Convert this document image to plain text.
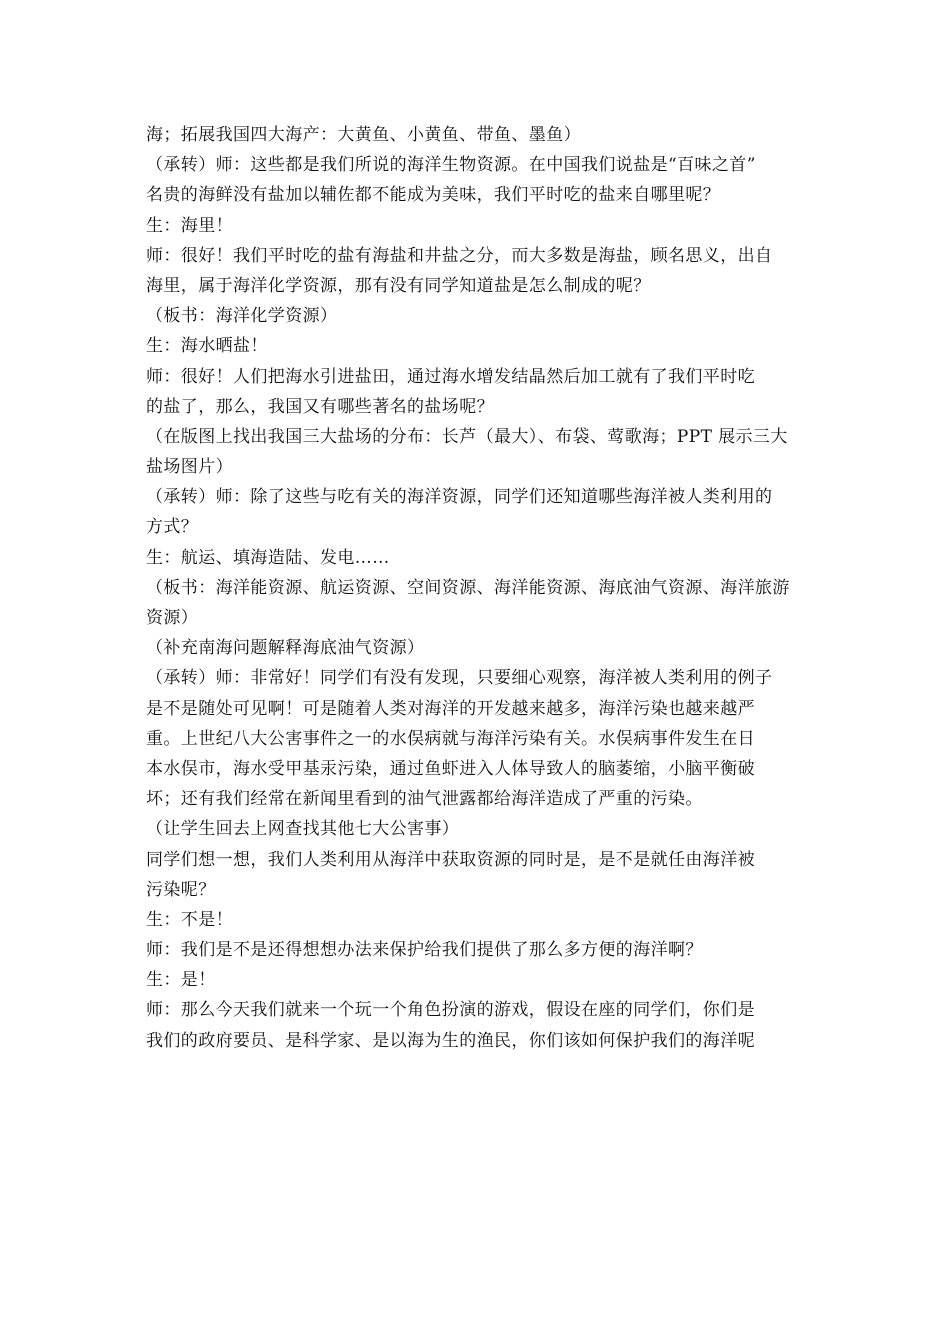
海；拓展我国四大海产：大黄鱼、小黄鱼、带鱼、墨鱼）
（承转）师：这些都是我们所说的海洋生物资源。在中国我们说盐是“百味之首”
名贵的海鲜没有盐加以辅佐都不能成为美味，我们平时吃的盐来自哪里呢？
生：海里！
师：很好！我们平时吃的盐有海盐和井盐之分，而大多数是海盐，顾名思义，出自
海里，属于海洋化学资源，那有没有同学知道盐是怎么制成的呢？
（板书：海洋化学资源）
生：海水晒盐！
师：很好！人们把海水引进盐田，通过海水增发结晶然后加工就有了我们平时吃
的盐了，那么，我国又有哪些著名的盐场呢？
（在版图上找出我国三大盐场的分布：长芦（最大）、布袋、莺歌海；PPT 展示三大
盐场图片）
（承转）师：除了这些与吃有关的海洋资源，同学们还知道哪些海洋被人类利用的
方式？
生：航运、填海造陆、发电……
（板书：海洋能资源、航运资源、空间资源、海洋能资源、海底油气资源、海洋旅游
资源）
（补充南海问题解释海底油气资源）
（承转）师：非常好！同学们有没有发现，只要细心观察，海洋被人类利用的例子
是不是随处可见啊！可是随着人类对海洋的开发越来越多，海洋污染也越来越严
重。上世纪八大公害事件之一的水俣病就与海洋污染有关。水俣病事件发生在日
本水俣市，海水受甲基汞污染，通过鱼虾进入人体导致人的脑萎缩，小脑平衡破
坏；还有我们经常在新闻里看到的油气泄露都给海洋造成了严重的污染。
（让学生回去上网查找其他七大公害事）
同学们想一想，我们人类利用从海洋中获取资源的同时是，是不是就任由海洋被
污染呢？
生：不是！
师：我们是不是还得想想办法来保护给我们提供了那么多方便的海洋啊？
生：是！
师：那么今天我们就来一个玩一个角色扮演的游戏，假设在座的同学们，你们是
我们的政府要员、是科学家、是以海为生的渔民，你们该如何保护我们的海洋呢
